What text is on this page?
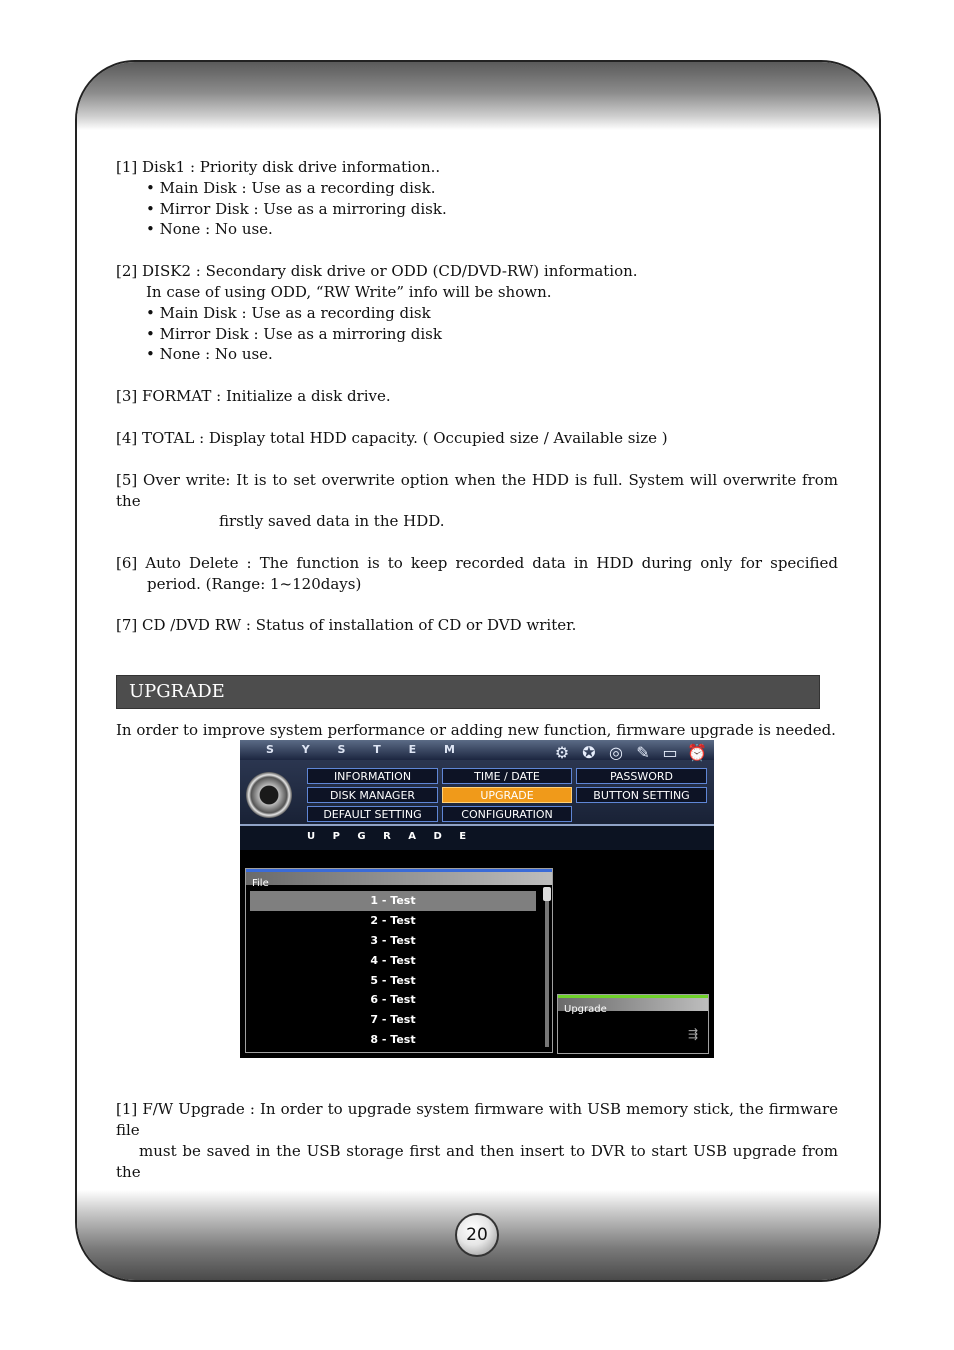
[1] Disk1 : Priority disk drive information..
• Main Disk : Use as a recording disk.
• Mirror Disk : Use as a mirroring disk.
• None : No use.
[2] DISK2 : Secondary disk drive or ODD (CD/DVD-RW) information.
In case of using ODD, “RW Write” info will be shown.
• Main Disk : Use as a recording disk
• Mirror Disk : Use as a mirroring disk
• None : No use.
[3] FORMAT : Initialize a disk drive.
[4] TOTAL : Display total HDD capacity. ( Occupied size / Available size )
[5] Over write: It is to set overwrite option when the HDD is full. System will overwrite from the
firstly saved data in the HDD.
[6] Auto Delete : The function is to keep recorded data in HDD during only for specified
period. (Range: 1~120days)
[7] CD /DVD RW : Status of installation of CD or DVD writer.
UPGRADE
In order to improve system performance or adding new function, firmware upgrade is needed.
S Y S T E M	⚙ ✪ ◎ ✎ ▭ ⏰
INFORMATION	TIME / DATE	PASSWORD
DISK MANAGER	UPGRADE	BUTTON SETTING
DEFAULT SETTING	CONFIGURATION
U P G R A D E
File
1 - Test
2 - Test
3 - Test
4 - Test
5 - Test
6 - Test
7 - Test
8 - Test
Upgrade
⇶
[1] F/W Upgrade : In order to upgrade system firmware with USB memory stick, the firmware file
must be saved in the USB storage first and then insert to DVR to start USB upgrade from the
20
